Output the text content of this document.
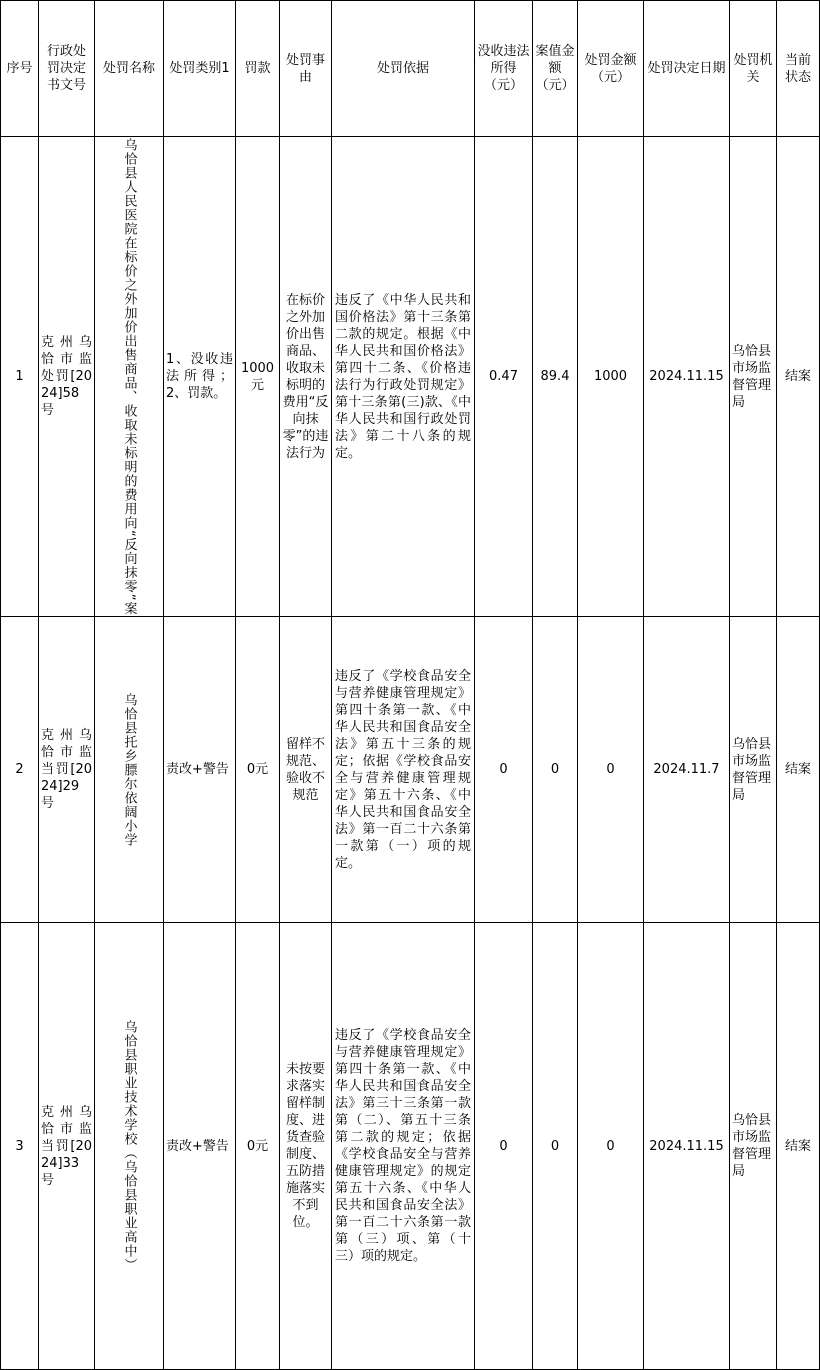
序号	行政处罚决定书文号	处罚名称	处罚类别1	罚款	处罚事由	处罚依据	没收违法所得（元）	案值金额（元）	处罚金额（元）	处罚决定日期	处罚机关	当前状态
1	克州乌恰市监处罚[2024]58号	乌恰县人民医院在标价之外加价出售商品、收取未标明的费用向“反向抹零”案	1、没收违法所得；2、罚款。	1000元	在标价之外加价出售商品、收取未标明的费用“反向抹零”的违法行为	违反了《中华人民共和国价格法》第十三条第二款的规定。根据《中华人民共和国价格法》第四十二条、《价格违法行为行政处罚规定》第十三条第(三)款、《中华人民共和国行政处罚法》第二十八条的规定。	0.47	89.4	1000	2024.11.15	乌恰县市场监督管理局	结案
2	克州乌恰市监当罚[2024]29号	乌恰县托乡膘尔依阔小学	责改+警告	0元	留样不规范、验收不规范	违反了《学校食品安全与营养健康管理规定》第四十条第一款、《中华人民共和国食品安全法》第五十三条的规定；依据《学校食品安全与营养健康管理规定》第五十六条、《中华人民共和国食品安全法》第一百二十六条第一款第（一）项的规定。	0	0	0	2024.11.7	乌恰县市场监督管理局	结案
3	克州乌恰市监当罚[2024]33号	乌恰县职业技术学校（乌恰县职业高中）	责改+警告	0元	未按要求落实留样制度、进货查验制度、五防措施落实不到位。	违反了《学校食品安全与营养健康管理规定》第四十条第一款、《中华人民共和国食品安全法》第三十三条第一款第（二）、第五十三条第二款的规定；依据《学校食品安全与营养健康管理规定》的规定第五十六条、《中华人民共和国食品安全法》第一百二十六条第一款第（三）项、第（十三）项的规定。	0	0	0	2024.11.15	乌恰县市场监督管理局	结案
